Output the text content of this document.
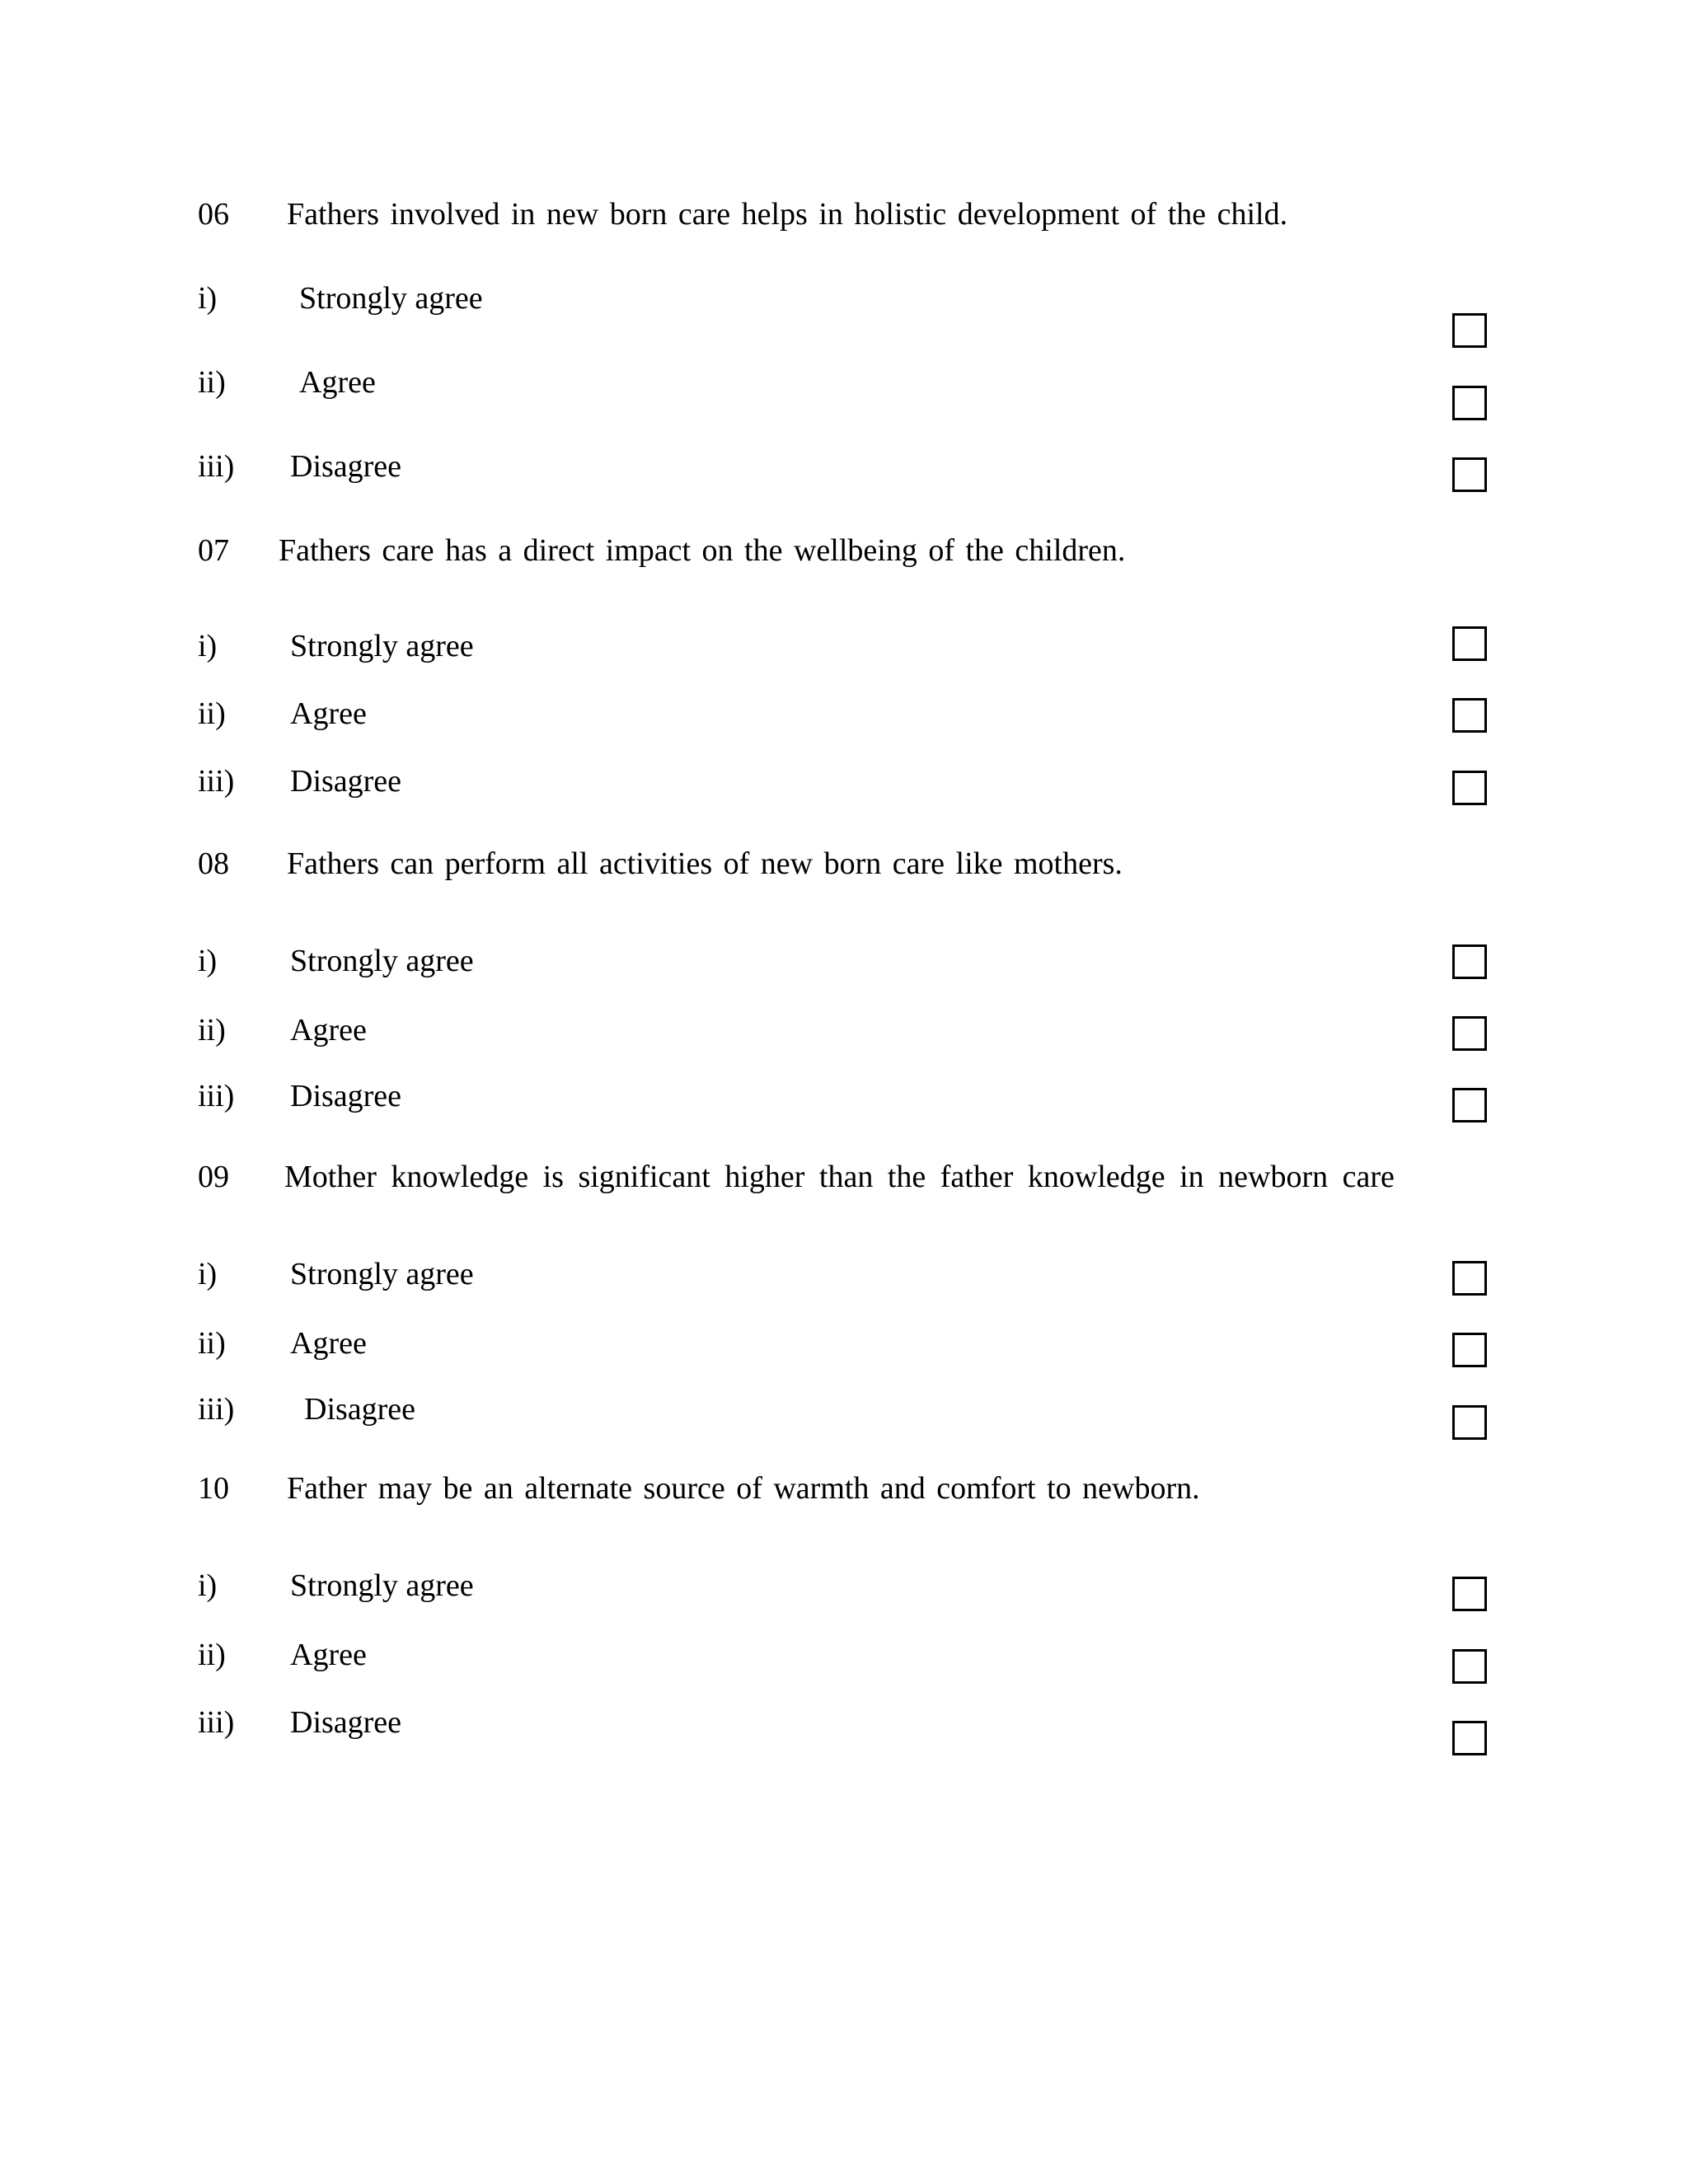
06 Fathers involved in new born care helps in holistic development of the child.
i)	Strongly agree
ii) Agree
iii) Disagree
07 Fathers care has a direct impact on the wellbeing of the children.
i) Strongly agree
ii) Agree
iii) Disagree
08 Fathers can perform all activities of new born care like mothers.
i) Strongly agree
ii) Agree
iii) Disagree
09 Mother knowledge is significant higher than the father knowledge in newborn care
i) Strongly agree
ii) Agree
iii) Disagree
10 Father may be an alternate source of warmth and comfort to newborn.
i) Strongly agree
ii) Agree
iii) Disagree
